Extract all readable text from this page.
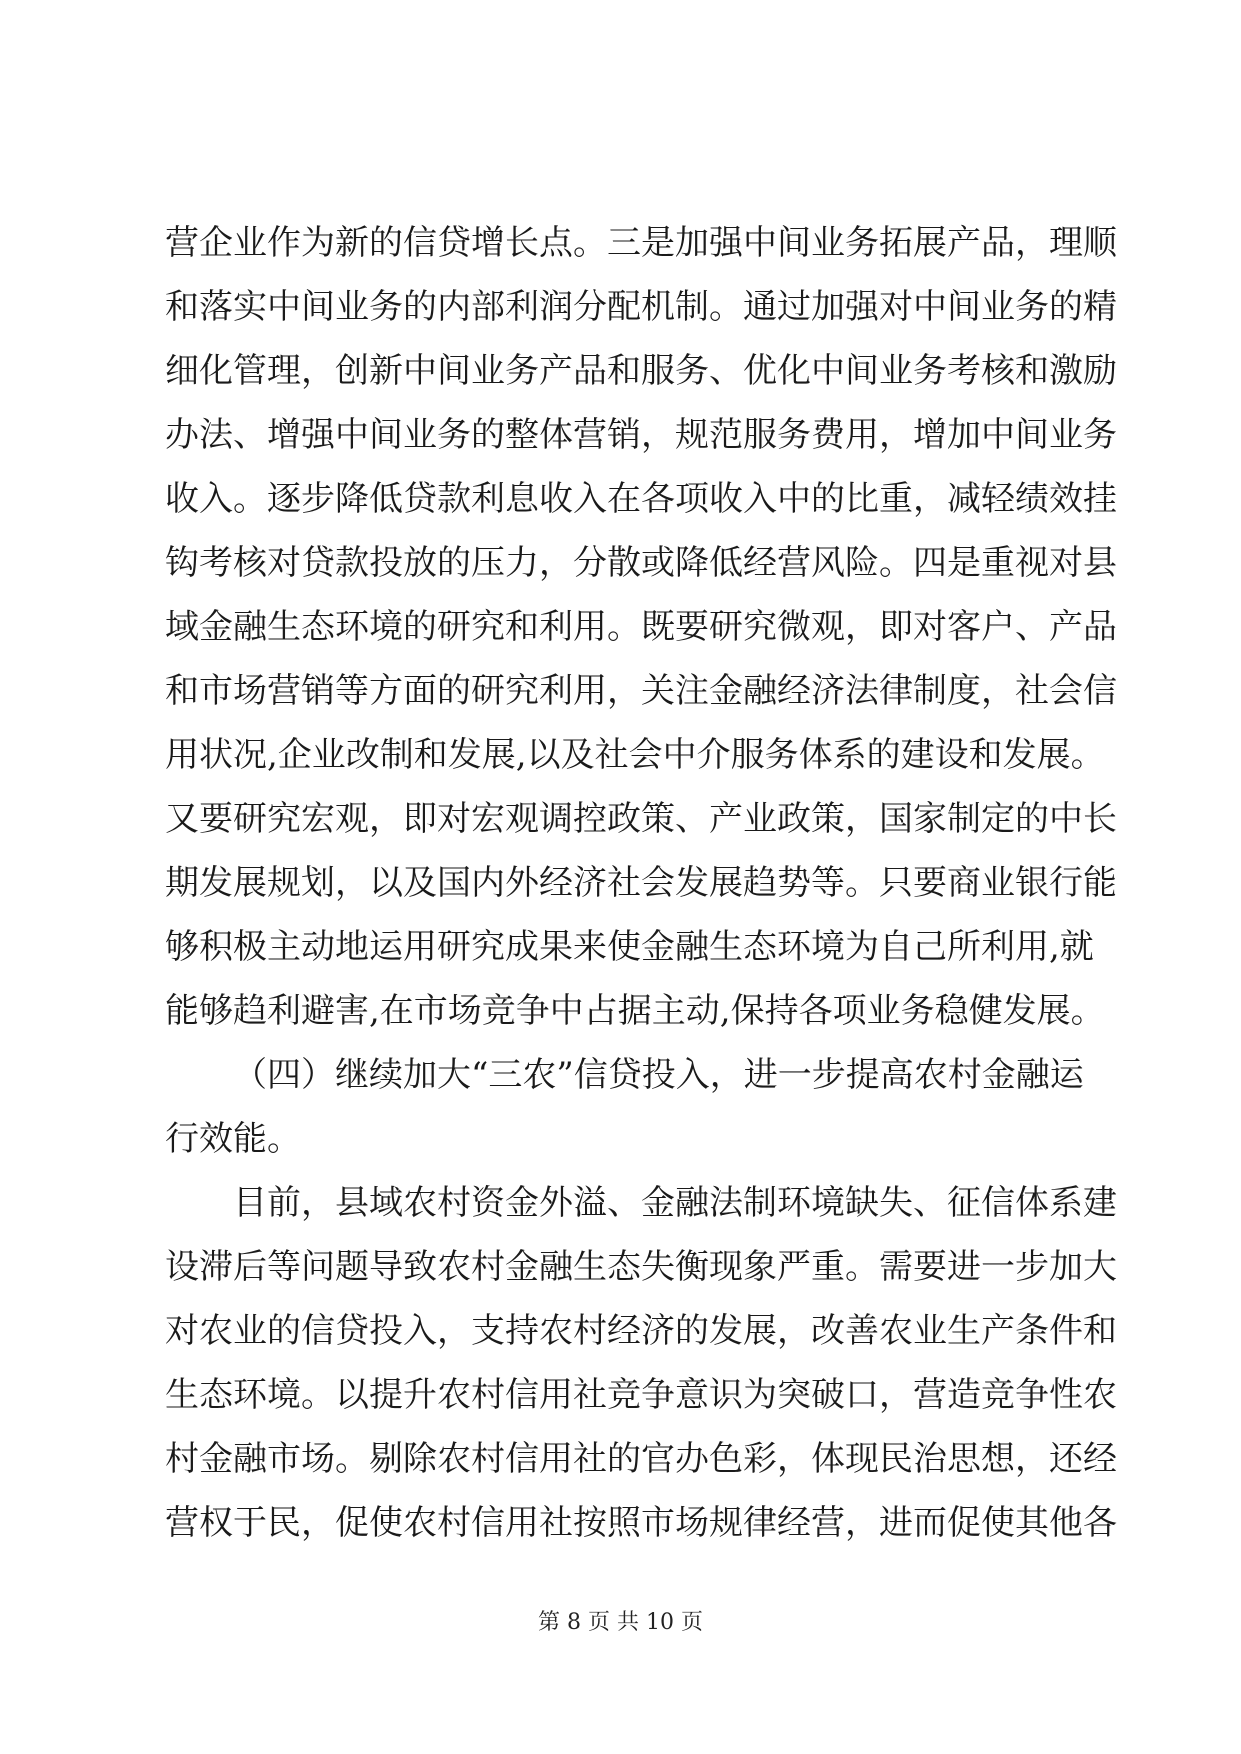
营企业作为新的信贷增长点。三是加强中间业务拓展产品，理顺
和落实中间业务的内部利润分配机制。通过加强对中间业务的精
细化管理，创新中间业务产品和服务、优化中间业务考核和激励
办法、增强中间业务的整体营销，规范服务费用，增加中间业务
收入。逐步降低贷款利息收入在各项收入中的比重，减轻绩效挂
钩考核对贷款投放的压力，分散或降低经营风险。四是重视对县
域金融生态环境的研究和利用。既要研究微观，即对客户、产品
和市场营销等方面的研究利用，关注金融经济法律制度，社会信
用状况,企业改制和发展,以及社会中介服务体系的建设和发展。
又要研究宏观，即对宏观调控政策、产业政策，国家制定的中长
期发展规划，以及国内外经济社会发展趋势等。只要商业银行能
够积极主动地运用研究成果来使金融生态环境为自己所利用,就
能够趋利避害,在市场竞争中占据主动,保持各项业务稳健发展。
（四）继续加大“三农”信贷投入，进一步提高农村金融运
行效能。
目前，县域农村资金外溢、金融法制环境缺失、征信体系建
设滞后等问题导致农村金融生态失衡现象严重。需要进一步加大
对农业的信贷投入，支持农村经济的发展，改善农业生产条件和
生态环境。以提升农村信用社竞争意识为突破口，营造竞争性农
村金融市场。剔除农村信用社的官办色彩，体现民治思想，还经
营权于民，促使农村信用社按照市场规律经营，进而促使其他各
第 8 页 共 10 页
